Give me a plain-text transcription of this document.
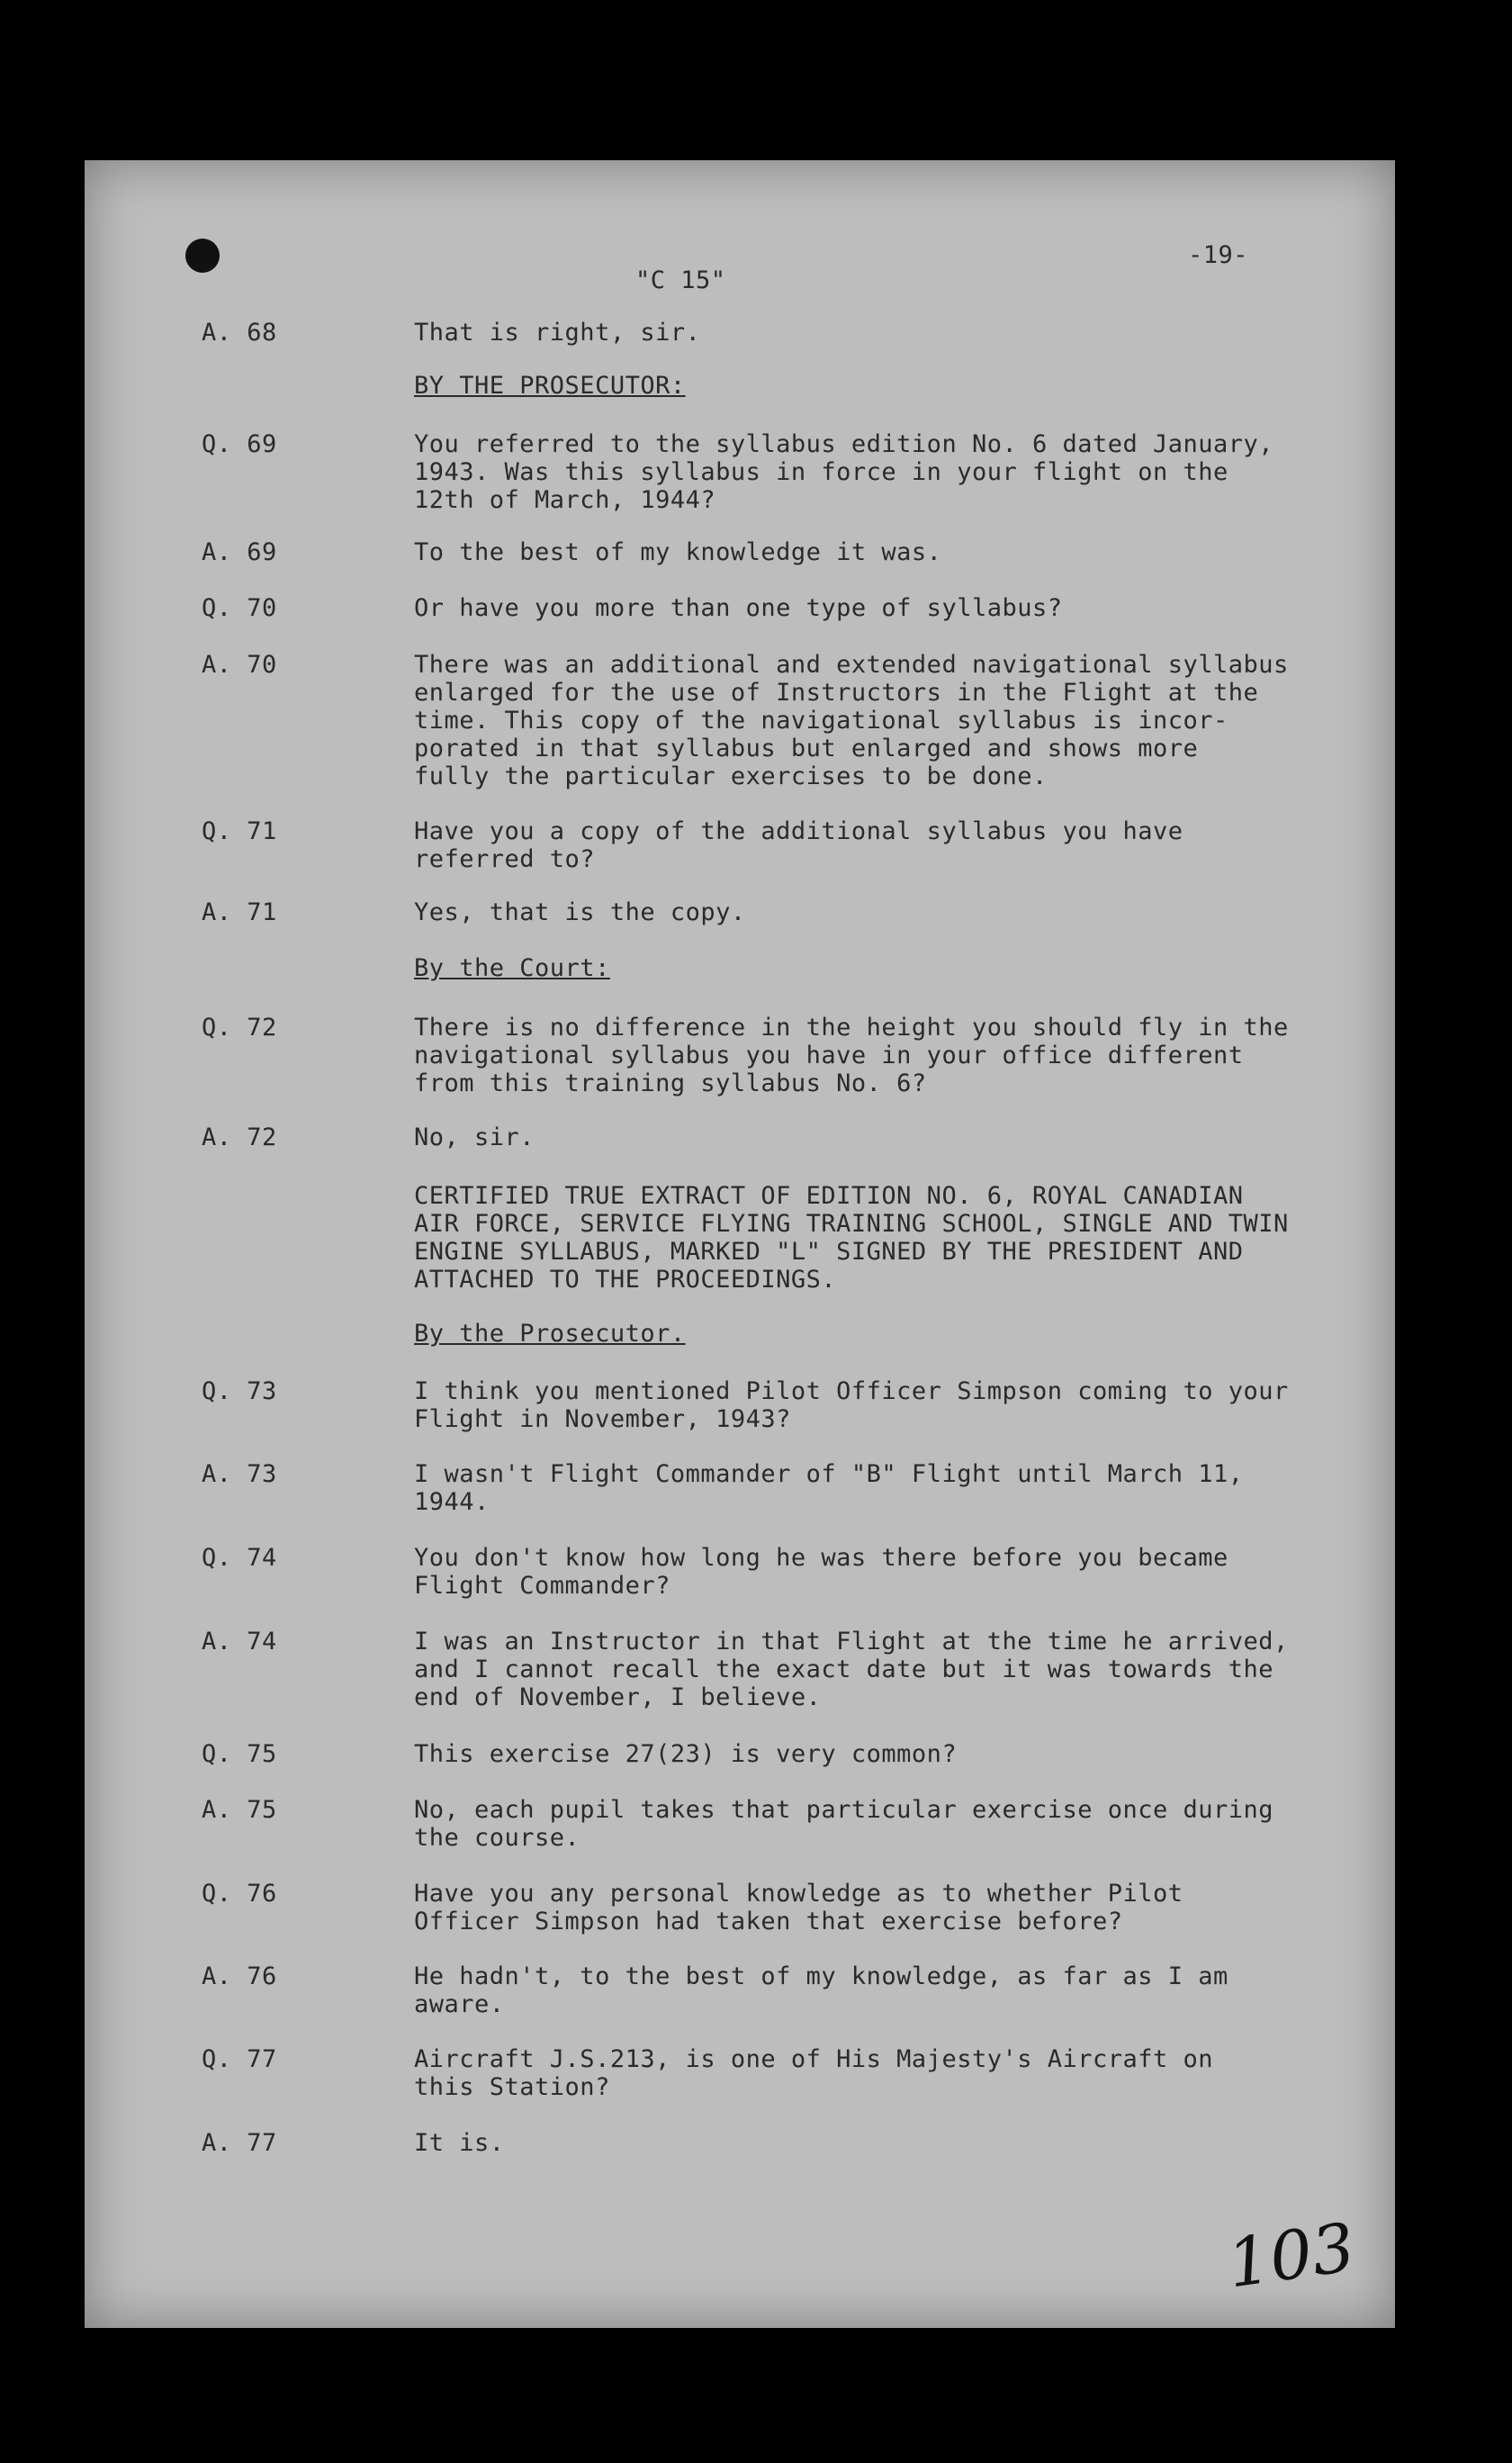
"C 15"
-19-
A. 68	That is right, sir.
BY THE PROSECUTOR:
Q. 69	You referred to the syllabus edition No. 6 dated January,
1943. Was this syllabus in force in your flight on the
12th of March, 1944?
A. 69	To the best of my knowledge it was.
Q. 70	Or have you more than one type of syllabus?
A. 70	There was an additional and extended navigational syllabus
enlarged for the use of Instructors in the Flight at the
time. This copy of the navigational syllabus is incor-
porated in that syllabus but enlarged and shows more
fully the particular exercises to be done.
Q. 71	Have you a copy of the additional syllabus you have
referred to?
A. 71	Yes, that is the copy.
By the Court:
Q. 72	There is no difference in the height you should fly in the
navigational syllabus you have in your office different
from this training syllabus No. 6?
A. 72	No, sir.
CERTIFIED TRUE EXTRACT OF EDITION NO. 6, ROYAL CANADIAN
AIR FORCE, SERVICE FLYING TRAINING SCHOOL, SINGLE AND TWIN
ENGINE SYLLABUS, MARKED "L" SIGNED BY THE PRESIDENT AND
ATTACHED TO THE PROCEEDINGS.
By the Prosecutor.
Q. 73	I think you mentioned Pilot Officer Simpson coming to your
Flight in November, 1943?
A. 73	I wasn't Flight Commander of "B" Flight until March 11,
1944.
Q. 74	You don't know how long he was there before you became
Flight Commander?
A. 74	I was an Instructor in that Flight at the time he arrived,
and I cannot recall the exact date but it was towards the
end of November, I believe.
Q. 75	This exercise 27(23) is very common?
A. 75	No, each pupil takes that particular exercise once during
the course.
Q. 76	Have you any personal knowledge as to whether Pilot
Officer Simpson had taken that exercise before?
A. 76	He hadn't, to the best of my knowledge, as far as I am
aware.
Q. 77	Aircraft J.S.213, is one of His Majesty's Aircraft on
this Station?
A. 77	It is.
103
